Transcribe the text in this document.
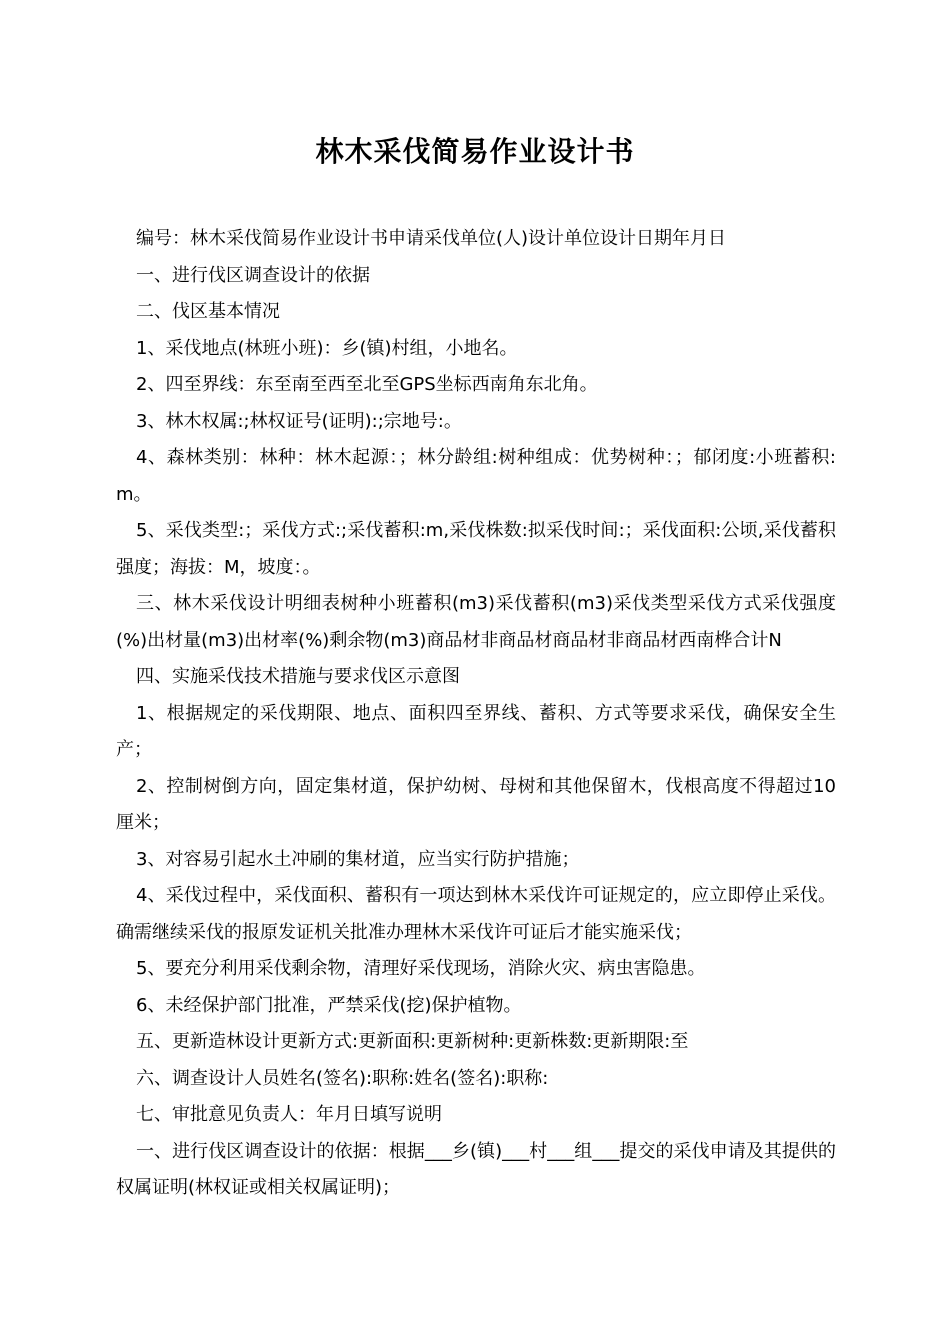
林木采伐简易作业设计书

编号：林木采伐简易作业设计书申请采伐单位(人)设计单位设计日期年月日

一、进行伐区调查设计的依据

二、伐区基本情况

1、采伐地点(林班小班)：乡(镇)村组，小地名。

2、四至界线：东至南至西至北至GPS坐标西南角东北角。

3、林木权属:;林权证号(证明):;宗地号:。

4、森林类别：林种：林木起源：；林分龄组:树种组成：优势树种：；郁闭度:小班蓄积:m。

5、采伐类型:；采伐方式:;采伐蓄积:m,采伐株数:拟采伐时间:；采伐面积:公顷,采伐蓄积强度；海拔：M，坡度：。

三、林木采伐设计明细表树种小班蓄积(m3)采伐蓄积(m3)采伐类型采伐方式采伐强度(%)出材量(m3)出材率(%)剩余物(m3)商品材非商品材商品材非商品材西南桦合计N

四、实施采伐技术措施与要求伐区示意图

1、根据规定的采伐期限、地点、面积四至界线、蓄积、方式等要求采伐，确保安全生产；

2、控制树倒方向，固定集材道，保护幼树、母树和其他保留木，伐根高度不得超过10厘米；

3、对容易引起水土冲刷的集材道，应当实行防护措施；

4、采伐过程中，采伐面积、蓄积有一项达到林木采伐许可证规定的，应立即停止采伐。确需继续采伐的报原发证机关批准办理林木采伐许可证后才能实施采伐；

5、要充分利用采伐剩余物，清理好采伐现场，消除火灾、病虫害隐患。

6、未经保护部门批准，严禁采伐(挖)保护植物。

五、更新造林设计更新方式:更新面积:更新树种:更新株数:更新期限:至

六、调查设计人员姓名(签名):职称:姓名(签名):职称:

七、审批意见负责人：年月日填写说明

一、进行伐区调查设计的依据：根据___乡(镇)___村___组___提交的采伐申请及其提供的权属证明(林权证或相关权属证明)；
